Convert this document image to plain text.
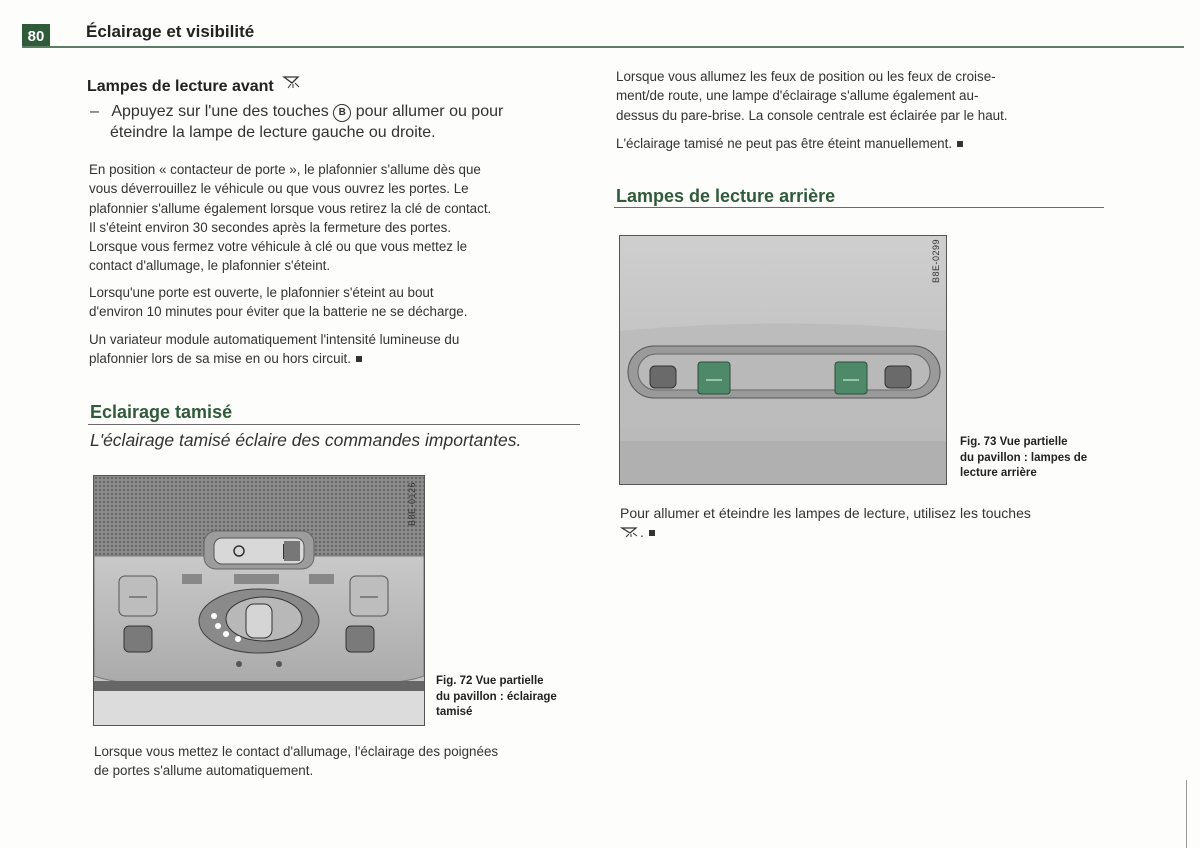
80	Éclairage et visibilité
Lampes de lecture avant
– Appuyez sur l'une des touches B pour allumer ou pour
éteindre la lampe de lecture gauche ou droite.
En position « contacteur de porte », le plafonnier s'allume dès que
vous déverrouillez le véhicule ou que vous ouvrez les portes. Le
plafonnier s'allume également lorsque vous retirez la clé de contact.
Il s'éteint environ 30 secondes après la fermeture des portes.
Lorsque vous fermez votre véhicule à clé ou que vous mettez le
contact d'allumage, le plafonnier s'éteint.
Lorsqu'une porte est ouverte, le plafonnier s'éteint au bout
d'environ 10 minutes pour éviter que la batterie ne se décharge.
Un variateur module automatiquement l'intensité lumineuse du
plafonnier lors de sa mise en ou hors circuit.
Eclairage tamisé
L'éclairage tamisé éclaire des commandes importantes.
B8E-0126
Fig. 72 Vue partielle
du pavillon : éclairage
tamisé
Lorsque vous mettez le contact d'allumage, l'éclairage des poignées
de portes s'allume automatiquement.
Lorsque vous allumez les feux de position ou les feux de croise-
ment/de route, une lampe d'éclairage s'allume également au-
dessus du pare-brise. La console centrale est éclairée par le haut.
L'éclairage tamisé ne peut pas être éteint manuellement.
Lampes de lecture arrière
B8E-0299
Fig. 73 Vue partielle
du pavillon : lampes de
lecture arrière
Pour allumer et éteindre les lampes de lecture, utilisez les touches
.
